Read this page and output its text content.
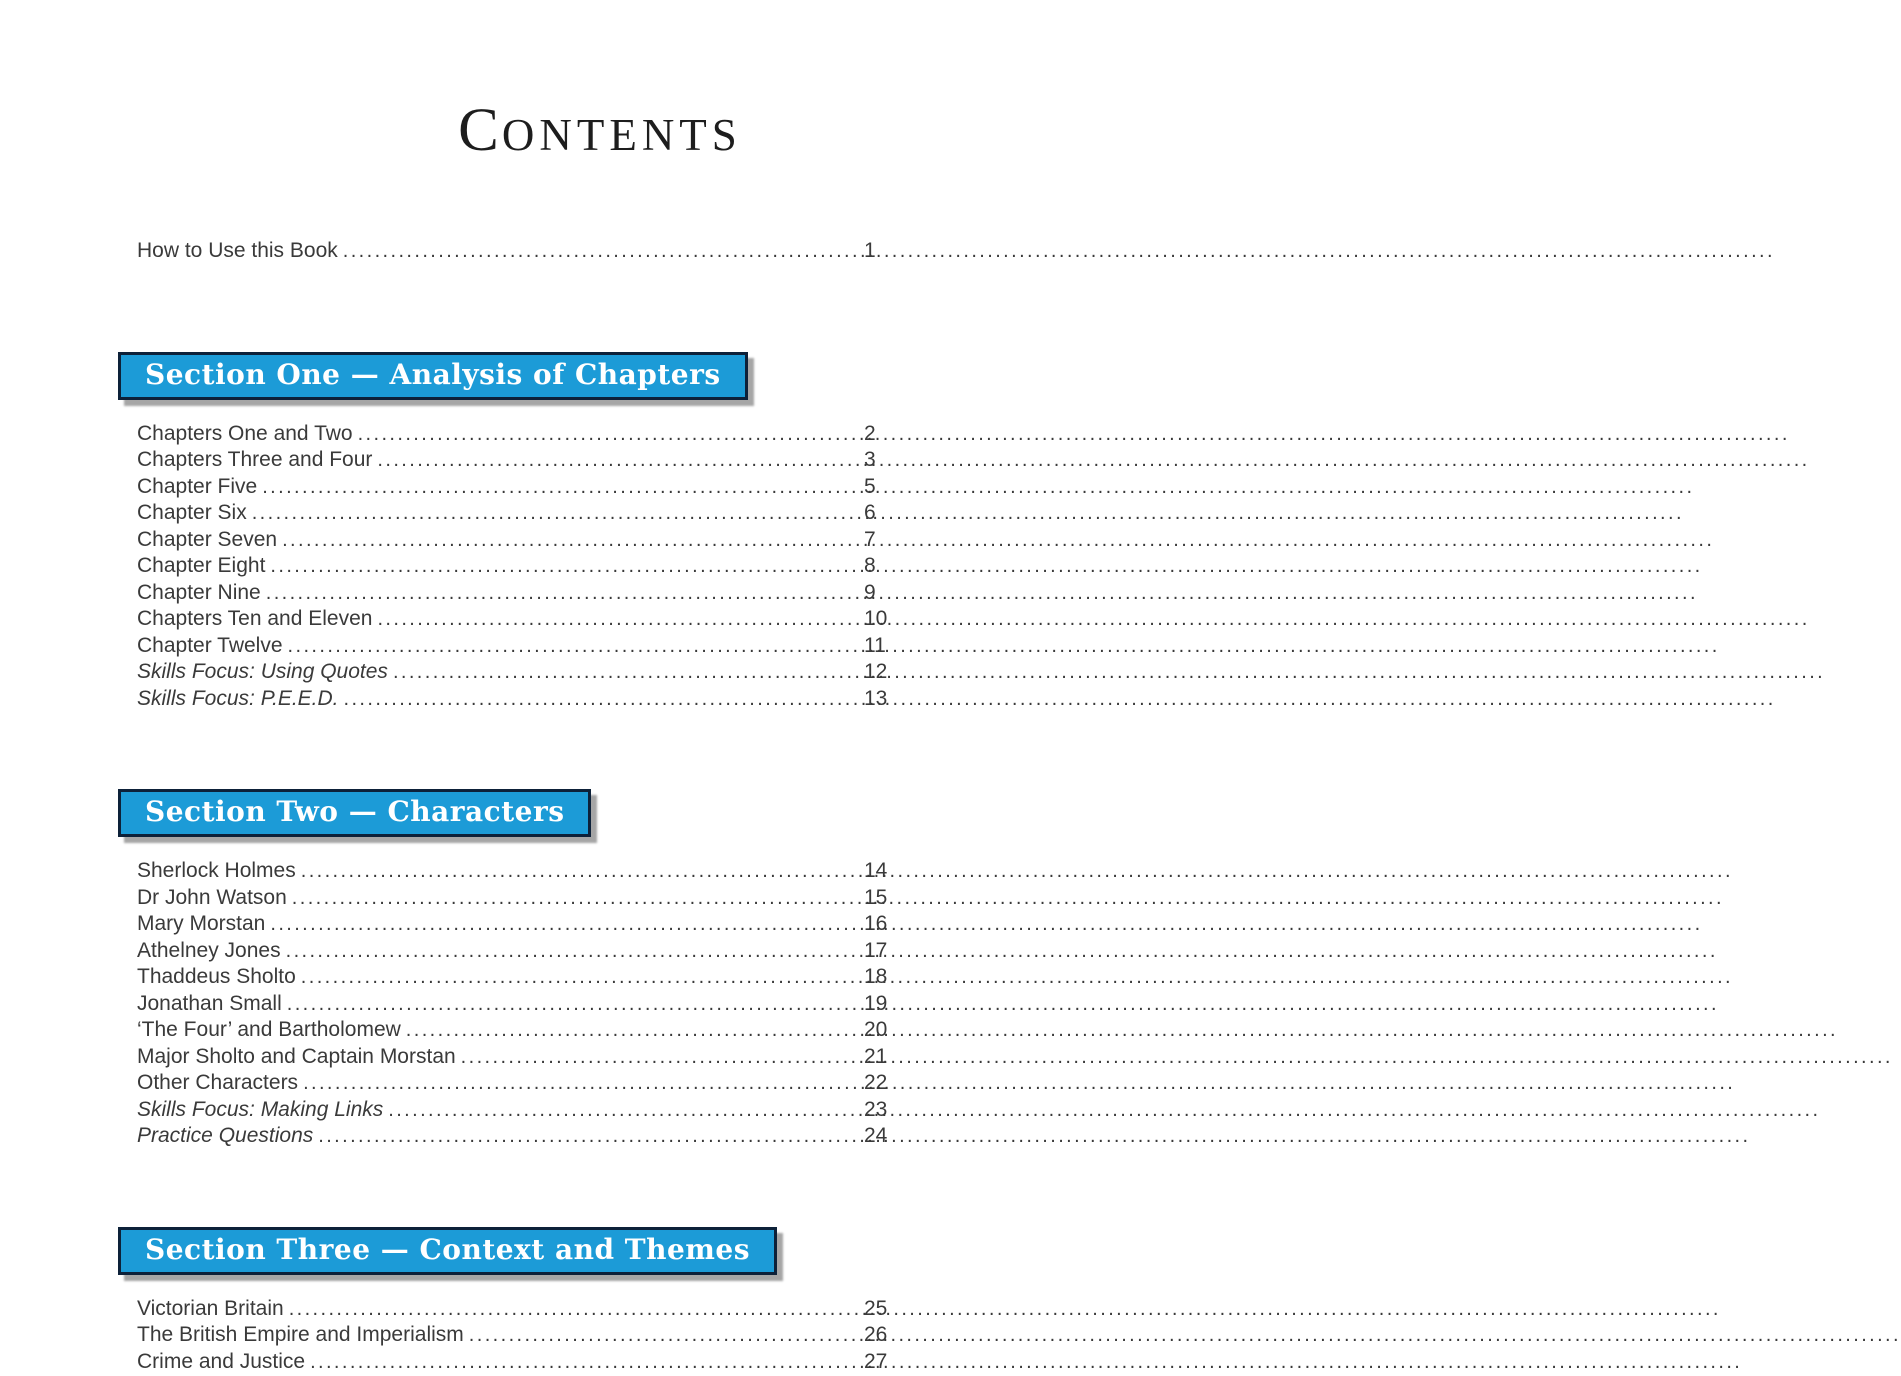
CONTENTS
How to Use this Book .....	1
Section One — Analysis of Chapters
Chapters One and Two .....	2
Chapters Three and Four .....	3
Chapter Five .....	5
Chapter Six .....	6
Chapter Seven .....	7
Chapter Eight .....	8
Chapter Nine .....	9
Chapters Ten and Eleven .....	10
Chapter Twelve .....	11
Skills Focus: Using Quotes .....	12
Skills Focus: P.E.E.D. .....	13
Section Two — Characters
Sherlock Holmes .....	14
Dr John Watson .....	15
Mary Morstan .....	16
Athelney Jones .....	17
Thaddeus Sholto .....	18
Jonathan Small .....	19
‘The Four’ and Bartholomew .....	20
Major Sholto and Captain Morstan .....	21
Other Characters .....	22
Skills Focus: Making Links .....	23
Practice Questions .....	24
Section Three — Context and Themes
Victorian Britain .....	25
The British Empire and Imperialism .....	26
Crime and Justice .....	27
